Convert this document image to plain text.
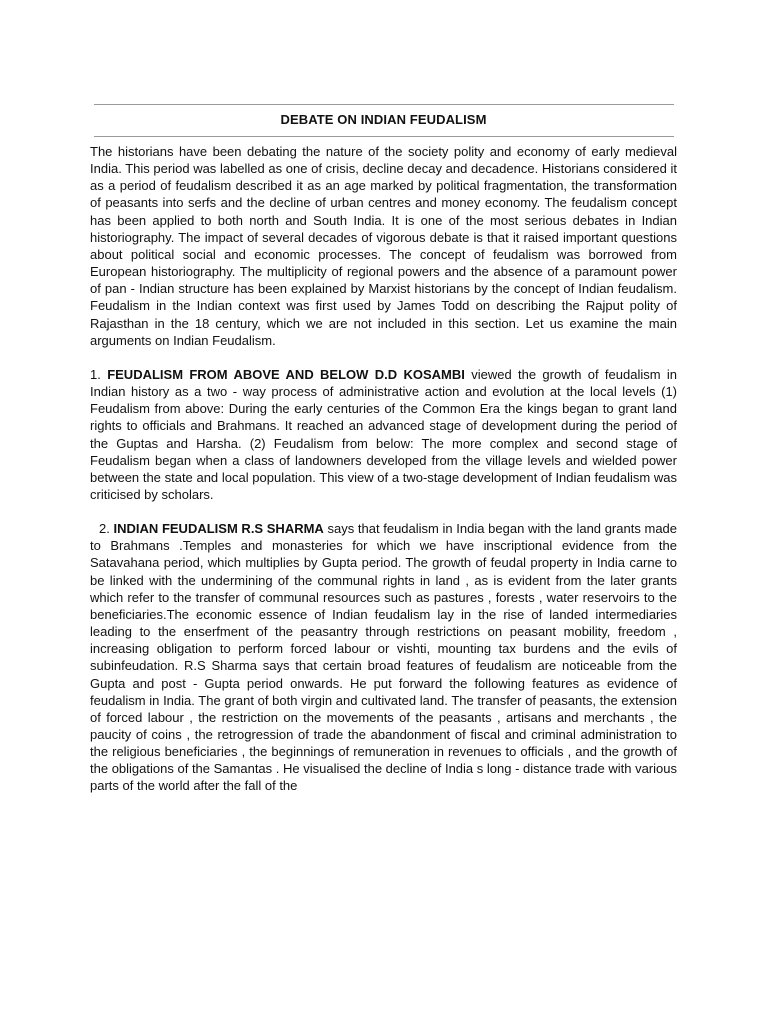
DEBATE ON INDIAN FEUDALISM

The historians have been debating the nature of the society polity and economy of early medieval India. This period was labelled as one of crisis, decline decay and decadence. Historians considered it as a period of feudalism described it as an age marked by political fragmentation, the transformation of peasants into serfs and the decline of urban centres and money economy. The feudalism concept has been applied to both north and South India. It is one of the most serious debates in Indian historiography. The impact of several decades of vigorous debate is that it raised important questions about political social and economic processes. The concept of feudalism was borrowed from European historiography. The multiplicity of regional powers and the absence of a paramount power of pan - Indian structure has been explained by Marxist historians by the concept of Indian feudalism. Feudalism in the Indian context was first used by James Todd on describing the Rajput polity of Rajasthan in the 18 century, which we are not included in this section. Let us examine the main arguments on Indian Feudalism.

1. FEUDALISM FROM ABOVE AND BELOW D.D KOSAMBI viewed the growth of feudalism in Indian history as a two - way process of administrative action and evolution at the local levels (1) Feudalism from above: During the early centuries of the Common Era the kings began to grant land rights to officials and Brahmans. It reached an advanced stage of development during the period of the Guptas and Harsha. (2) Feudalism from below: The more complex and second stage of Feudalism began when a class of landowners developed from the village levels and wielded power between the state and local population. This view of a two-stage development of Indian feudalism was criticised by scholars.

2. INDIAN FEUDALISM R.S SHARMA says that feudalism in India began with the land grants made to Brahmans .Temples and monasteries for which we have inscriptional evidence from the Satavahana period, which multiplies by Gupta period. The growth of feudal property in India carne to be linked with the undermining of the communal rights in land , as is evident from the later grants which refer to the transfer of communal resources such as pastures , forests , water reservoirs to the beneficiaries.The economic essence of Indian feudalism lay in the rise of landed intermediaries leading to the enserfment of the peasantry through restrictions on peasant mobility, freedom , increasing obligation to perform forced labour or vishti, mounting tax burdens and the evils of subinfeudation. R.S Sharma says that certain broad features of feudalism are noticeable from the Gupta and post - Gupta period onwards. He put forward the following features as evidence of feudalism in India. The grant of both virgin and cultivated land. The transfer of peasants, the extension of forced labour , the restriction on the movements of the peasants , artisans and merchants , the paucity of coins , the retrogression of trade the abandonment of fiscal and criminal administration to the religious beneficiaries , the beginnings of remuneration in revenues to officials , and the growth of the obligations of the Samantas . He visualised the decline of India s long - distance trade with various parts of the world after the fall of the
